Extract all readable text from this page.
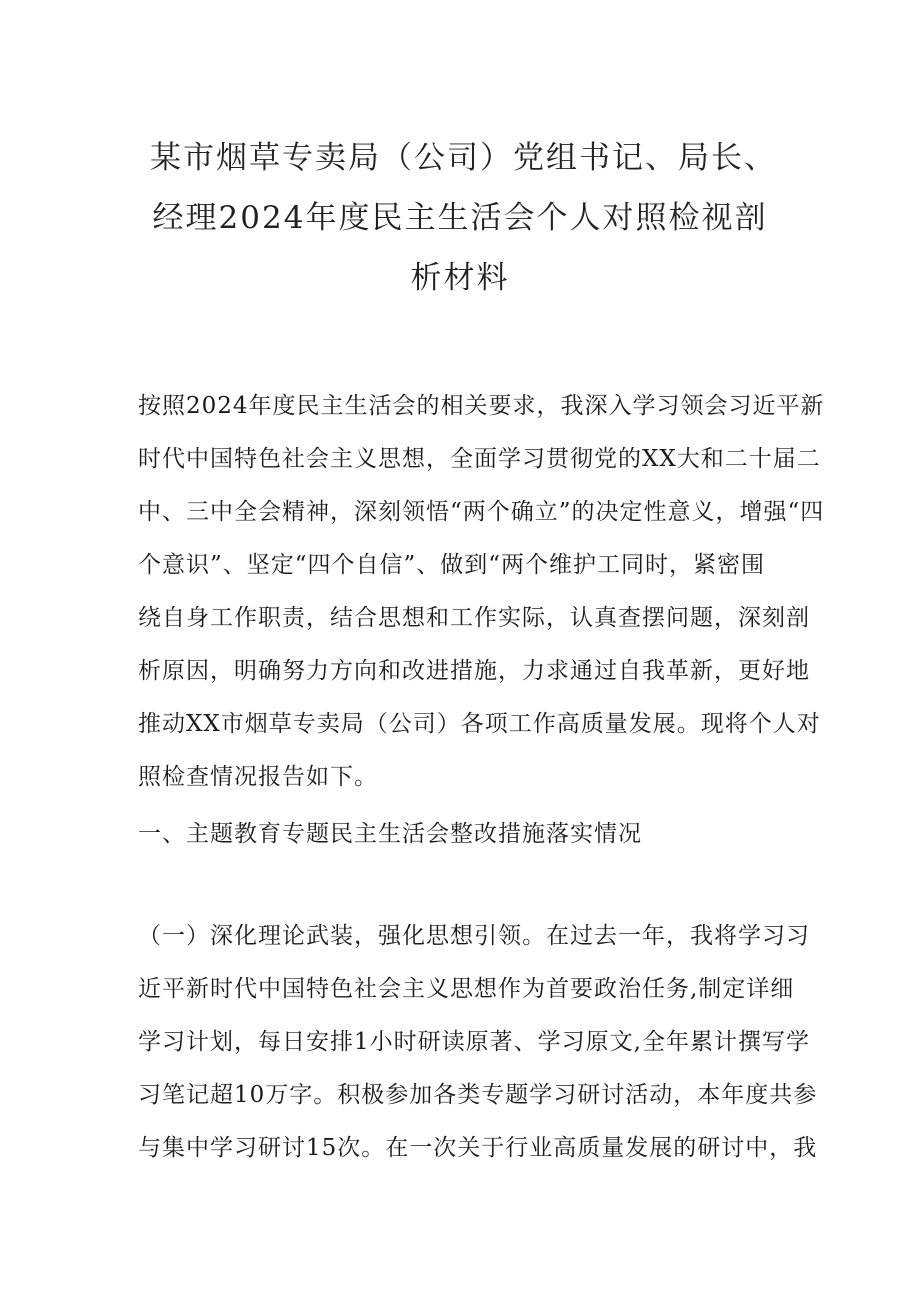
某市烟草专卖局（公司）党组书记、局长、
经理2024年度民主生活会个人对照检视剖
析材料
按照2024年度民主生活会的相关要求，我深入学习领会习近平新
时代中国特色社会主义思想，全面学习贯彻党的XX大和二十届二
中、三中全会精神，深刻领悟“两个确立”的决定性意义，增强“四
个意识”、坚定“四个自信”、做到“两个维护工同时，紧密围
绕自身工作职责，结合思想和工作实际，认真查摆问题，深刻剖
析原因，明确努力方向和改进措施，力求通过自我革新，更好地
推动XX市烟草专卖局（公司）各项工作高质量发展。现将个人对
照检查情况报告如下。
一、主题教育专题民主生活会整改措施落实情况
（一）深化理论武装，强化思想引领。在过去一年，我将学习习
近平新时代中国特色社会主义思想作为首要政治任务,制定详细
学习计划，每日安排1小时研读原著、学习原文,全年累计撰写学
习笔记超10万字。积极参加各类专题学习研讨活动，本年度共参
与集中学习研讨15次。在一次关于行业高质量发展的研讨中，我
